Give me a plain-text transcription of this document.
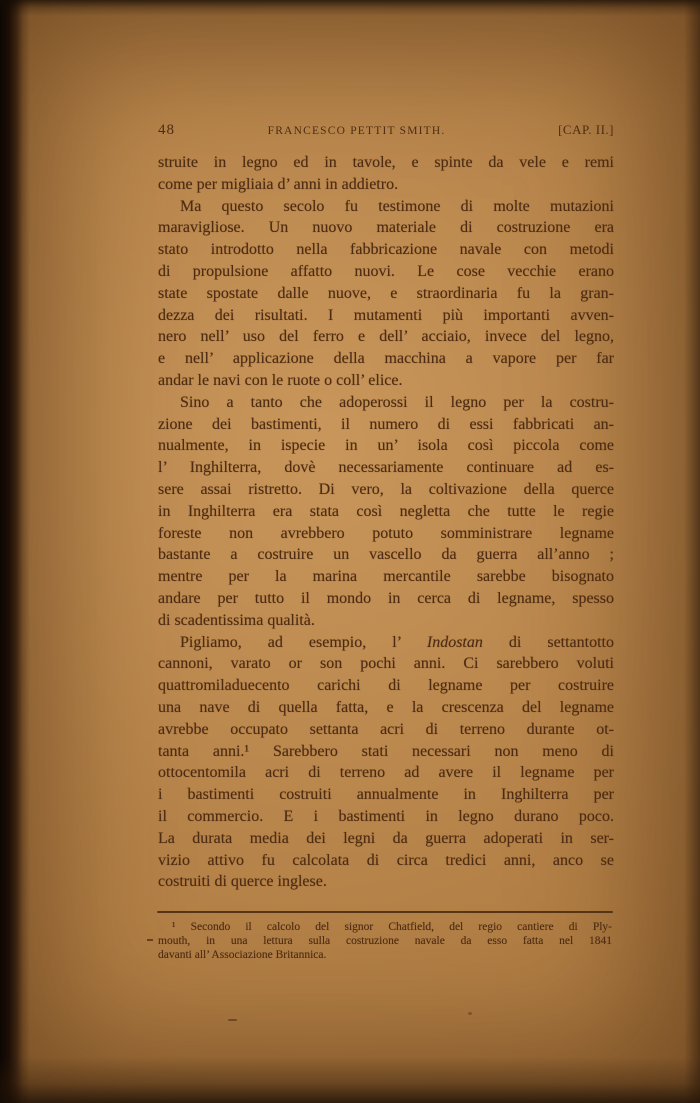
48	FRANCESCO PETTIT SMITH.	[CAP. II.]
struite in legno ed in tavole, e spinte da vele e remi
come per migliaia d’ anni in addietro.
Ma questo secolo fu testimone di molte mutazioni
maravigliose. Un nuovo materiale di costruzione era
stato introdotto nella fabbricazione navale con metodi
di propulsione affatto nuovi. Le cose vecchie erano
state spostate dalle nuove, e straordinaria fu la gran-
dezza dei risultati. I mutamenti più importanti avven-
nero nell’ uso del ferro e dell’ acciaio, invece del legno,
e nell’ applicazione della macchina a vapore per far
andar le navi con le ruote o coll’ elice.
Sino a tanto che adoperossi il legno per la costru-
zione dei bastimenti, il numero di essi fabbricati an-
nualmente, in ispecie in un’ isola così piccola come
l’ Inghilterra, dovè necessariamente continuare ad es-
sere assai ristretto. Di vero, la coltivazione della querce
in Inghilterra era stata così negletta che tutte le regie
foreste non avrebbero potuto somministrare legname
bastante a costruire un vascello da guerra all’anno ;
mentre per la marina mercantile sarebbe bisognato
andare per tutto il mondo in cerca di legname, spesso
di scadentissima qualità.
Pigliamo, ad esempio, l’ Indostan di settantotto
cannoni, varato or son pochi anni. Ci sarebbero voluti
quattromiladuecento carichi di legname per costruire
una nave di quella fatta, e la crescenza del legname
avrebbe occupato settanta acri di terreno durante ot-
tanta anni.¹ Sarebbero stati necessari non meno di
ottocentomila acri di terreno ad avere il legname per
i bastimenti costruiti annualmente in Inghilterra per
il commercio. E i bastimenti in legno durano poco.
La durata media dei legni da guerra adoperati in ser-
vizio attivo fu calcolata di circa tredici anni, anco se
costruiti di querce inglese.
¹ Secondo il calcolo del signor Chatfield, del regio cantiere di Ply-
mouth, in una lettura sulla costruzione navale da esso fatta nel 1841
davanti all’ Associazione Britannica.
